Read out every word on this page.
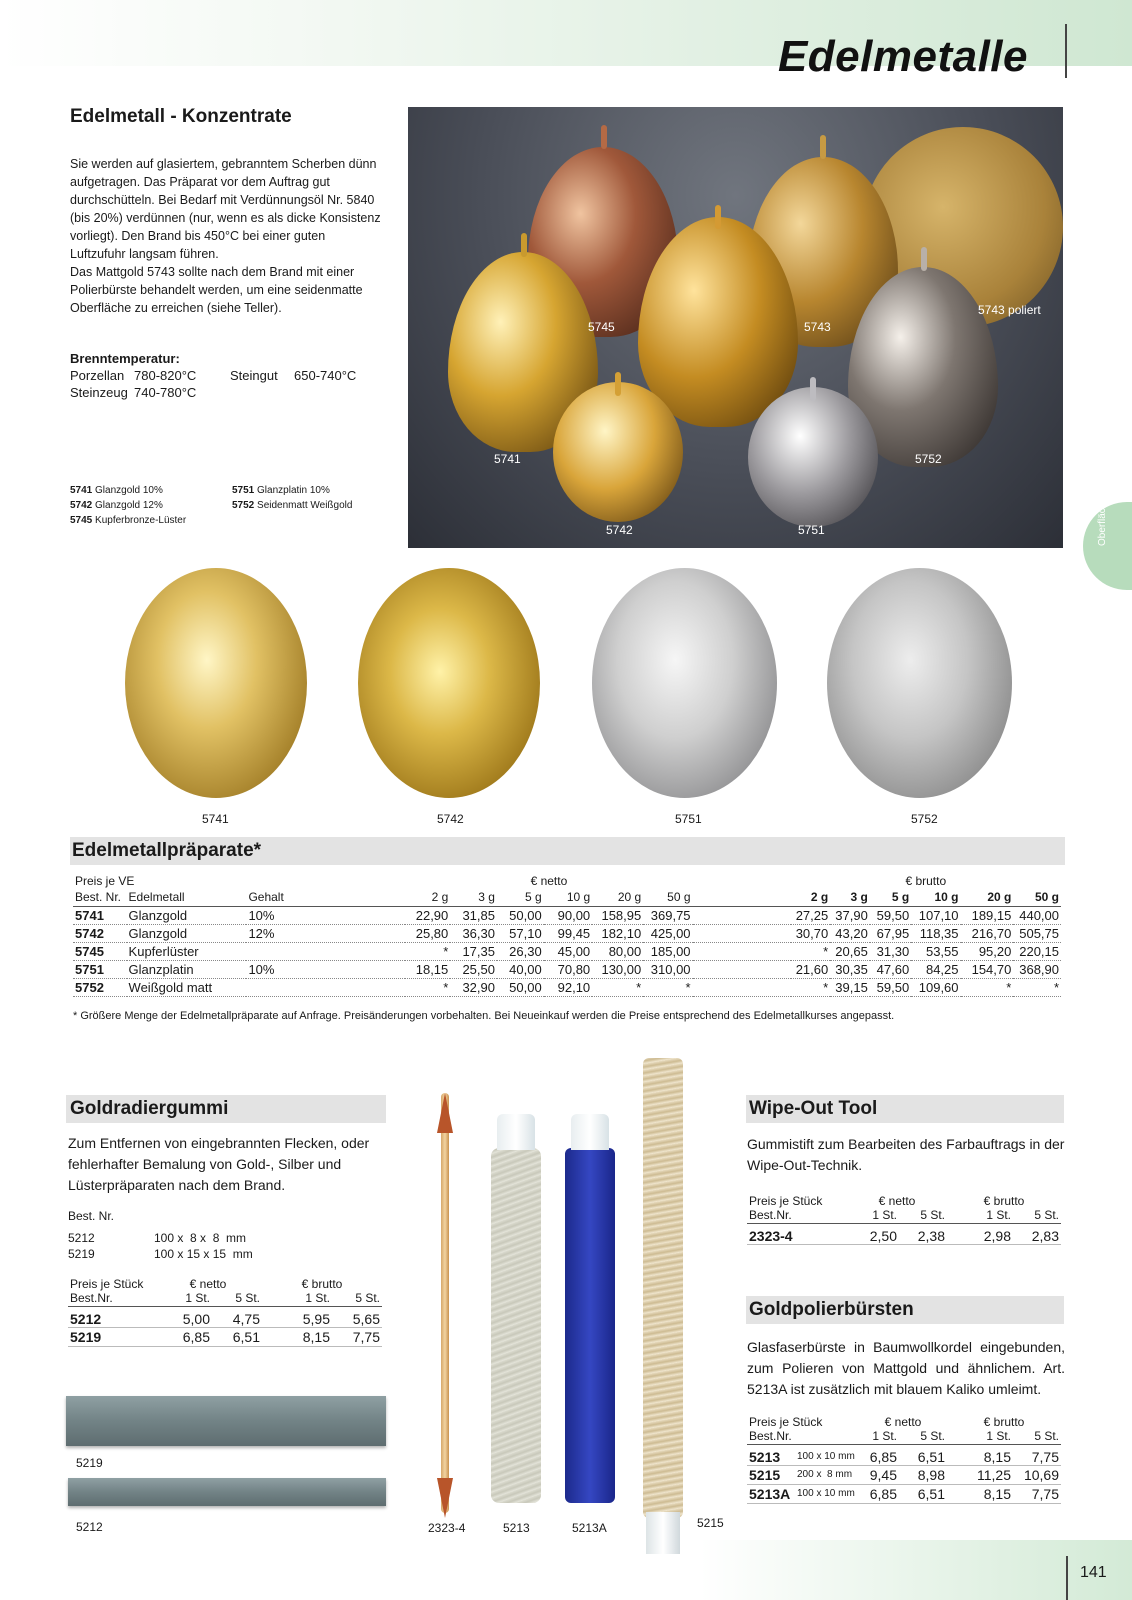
Edelmetalle
Oberfläche
Edelmetall - Konzentrate

Sie werden auf glasiertem, gebranntem Scherben dünn aufgetragen. Das Präparat vor dem Auftrag gut durchschütteln. Bei Bedarf mit Verdünnungsöl Nr. 5840 (bis 20%) verdünnen (nur, wenn es als dicke Konsistenz vorliegt). Den Brand bis 450°C bei einer guten Luftzufuhr langsam führen.

Das Mattgold 5743 sollte nach dem Brand mit einer Polierbürste behandelt werden, um eine seidenmatte Oberfläche zu erreichen (siehe Teller).

Brenntemperatur:
Porzellan 780-820°C	Steingut	650-740°C
Steinzeug 740-780°C
5741 Glanzgold 10%
5742 Glanzgold 12%
5745 Kupferbronze-Lüster
5751 Glanzplatin 10%
5752 Seidenmatt Weißgold
5745	5743
5743 poliert
5741	5752
5742	5751
5741	5742	5751	5752
Edelmetallpräparate*
Preis je VE			€ netto							€ brutto					
Best. Nr.	Edelmetall	Gehalt	2 g	3 g	5 g	10 g	20 g	50 g		2 g	3 g	5 g	10 g	20 g	50 g
5741	Glanzgold	10%	22,90	31,85	50,00	90,00	158,95	369,75		27,25	37,90	59,50	107,10	189,15	440,00
5742	Glanzgold	12%	25,80	36,30	57,10	99,45	182,10	425,00		30,70	43,20	67,95	118,35	216,70	505,75
5745	Kupferlüster		*	17,35	26,30	45,00	80,00	185,00		*	20,65	31,30	53,55	95,20	220,15
5751	Glanzplatin	10%	18,15	25,50	40,00	70,80	130,00	310,00		21,60	30,35	47,60	84,25	154,70	368,90
5752	Weißgold matt		*	32,90	50,00	92,10	*	*		*	39,15	59,50	109,60	*	*
* Größere Menge der Edelmetallpräparate auf Anfrage. Preisänderungen vorbehalten. Bei Neueinkauf werden die Preise entsprechend des Edelmetallkurses angepasst.
Goldradiergummi
Zum Entfernen von eingebrannten Flecken, oder fehlerhafter Bemalung von Gold-, Silber und Lüsterpräparaten nach dem Brand.
Best. Nr.
5212	100 x  8 x  8  mm
5219	100 x 15 x 15  mm
Preis je Stück	€ netto		€ brutto	
Best.Nr.	1 St.	5 St.	1 St.	5 St.
5212	5,00	4,75	5,95	5,65
5219	6,85	6,51	8,15	7,75
5219
5212	2323-4	5213	5213A	5215
Wipe-Out Tool
Gummistift zum Bearbeiten des Farbauftrags in der Wipe-Out-Technik.
Preis je Stück	€ netto		€ brutto	
Best.Nr.	1 St.	5 St.	1 St.	5 St.
2323-4	2,50	2,38	2,98	2,83
Goldpolierbürsten
Glasfaserbürste in Baumwollkordel eingebunden, zum Polieren von Mattgold und ähnlichem. Art. 5213A ist zusätzlich mit blauem Kaliko umleimt.
Preis je Stück		€ netto		€ brutto	
Best.Nr.		1 St.	5 St.	1 St.	5 St.
5213	100 x 10 mm	6,85	6,51	8,15	7,75
5215	200 x  8 mm	9,45	8,98	11,25	10,69
5213A	100 x 10 mm	6,85	6,51	8,15	7,75
141
